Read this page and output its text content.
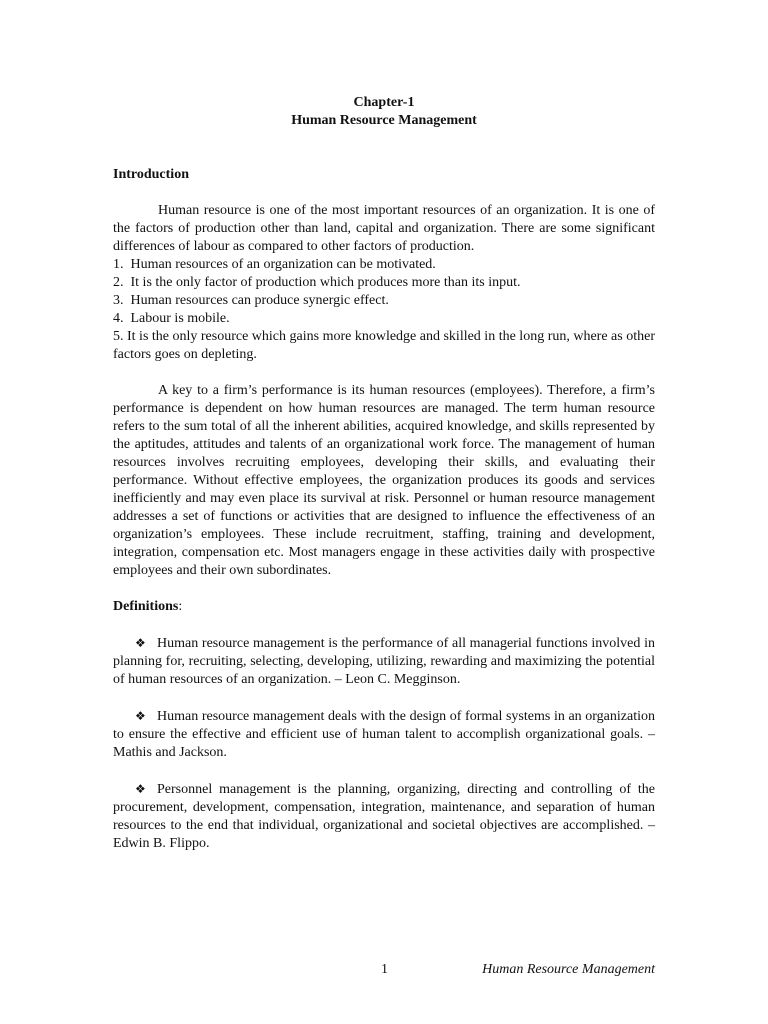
Chapter-1
Human Resource Management
Introduction
Human resource is one of the most important resources of an organization. It is one of the factors of production other than land, capital and organization. There are some significant differences of labour as compared to other factors of production.
1.  Human resources of an organization can be motivated.
2.  It is the only factor of production which produces more than its input.
3.  Human resources can produce synergic effect.
4.  Labour is mobile.
5. It is the only resource which gains more knowledge and skilled in the long run, where as other factors goes on depleting.
A key to a firm’s performance is its human resources (employees). Therefore, a firm’s performance is dependent on how human resources are managed. The term human resource refers to the sum total of all the inherent abilities, acquired knowledge, and skills represented by the aptitudes, attitudes and talents of an organizational work force. The management of human resources involves recruiting employees, developing their skills, and evaluating their performance. Without effective employees, the organization produces its goods and services inefficiently and may even place its survival at risk. Personnel or human resource management addresses a set of functions or activities that are designed to influence the effectiveness of an organization’s employees. These include recruitment, staffing, training and development, integration, compensation etc. Most managers engage in these activities daily with prospective employees and their own subordinates.
Definitions:
❖ Human resource management is the performance of all managerial functions involved in planning for, recruiting, selecting, developing, utilizing, rewarding and maximizing the potential of human resources of an organization. – Leon C. Megginson.
❖ Human resource management deals with the design of formal systems in an organization to ensure the effective and efficient use of human talent to accomplish organizational goals. – Mathis and Jackson.
❖ Personnel management is the planning, organizing, directing and controlling of the procurement, development, compensation, integration, maintenance, and separation of human resources to the end that individual, organizational and societal objectives are accomplished. – Edwin B. Flippo.
1	Human Resource Management
